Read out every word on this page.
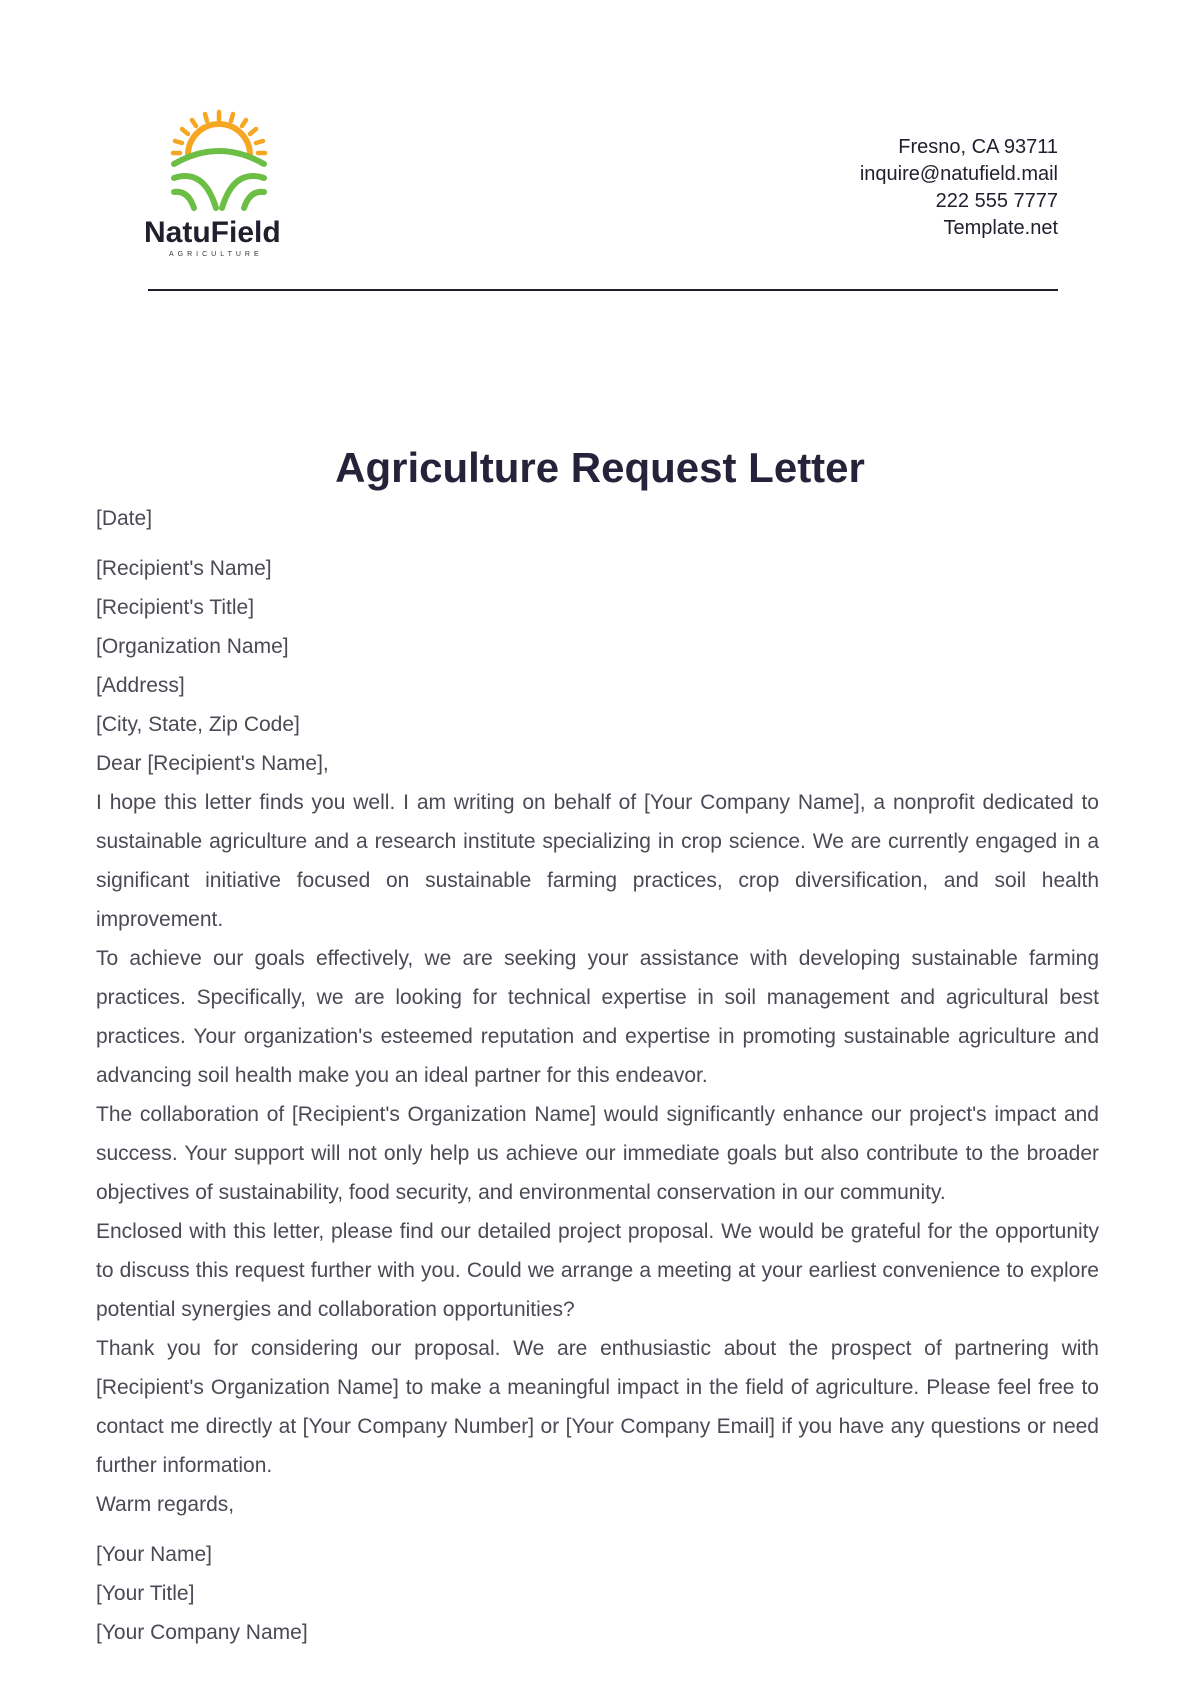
NatuField
AGRICULTURE
Fresno, CA 93711
inquire@natufield.mail
222 555 7777
Template.net
Agriculture Request Letter
[Date]
[Recipient's Name]
[Recipient's Title]
[Organization Name]
[Address]
[City, State, Zip Code]
Dear [Recipient's Name],

I hope this letter finds you well. I am writing on behalf of [Your Company Name], a nonprofit dedicated to sustainable agriculture and a research institute specializing in crop science. We are currently engaged in a significant initiative focused on sustainable farming practices, crop diversification, and soil health improvement.

To achieve our goals effectively, we are seeking your assistance with developing sustainable farming practices. Specifically, we are looking for technical expertise in soil management and agricultural best practices. Your organization's esteemed reputation and expertise in promoting sustainable agriculture and advancing soil health make you an ideal partner for this endeavor.

The collaboration of [Recipient's Organization Name] would significantly enhance our project's impact and success. Your support will not only help us achieve our immediate goals but also contribute to the broader objectives of sustainability, food security, and environmental conservation in our community.

Enclosed with this letter, please find our detailed project proposal. We would be grateful for the opportunity to discuss this request further with you. Could we arrange a meeting at your earliest convenience to explore potential synergies and collaboration opportunities?

Thank you for considering our proposal. We are enthusiastic about the prospect of partnering with [Recipient's Organization Name] to make a meaningful impact in the field of agriculture. Please feel free to contact me directly at [Your Company Number] or [Your Company Email] if you have any questions or need further information.

Warm regards,
[Your Name]
[Your Title]
[Your Company Name]
